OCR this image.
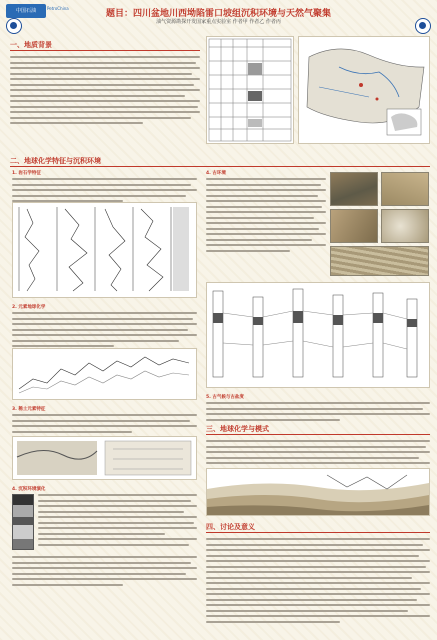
中国石油	PetroChina
题目：四川盆地川西坳陷雷口坡组沉积环境与天然气聚集
油气资源勘探开发国家重点实验室 作者甲 作者乙 作者丙
一、地质背景
二、地球化学特征与沉积环境
1. 岩石学特征
2. 元素地球化学
3. 稀土元素特征
4. 沉积环境演化
4. 古环境
5. 古气候与古盐度
三、地球化学与模式
四、讨论及意义
